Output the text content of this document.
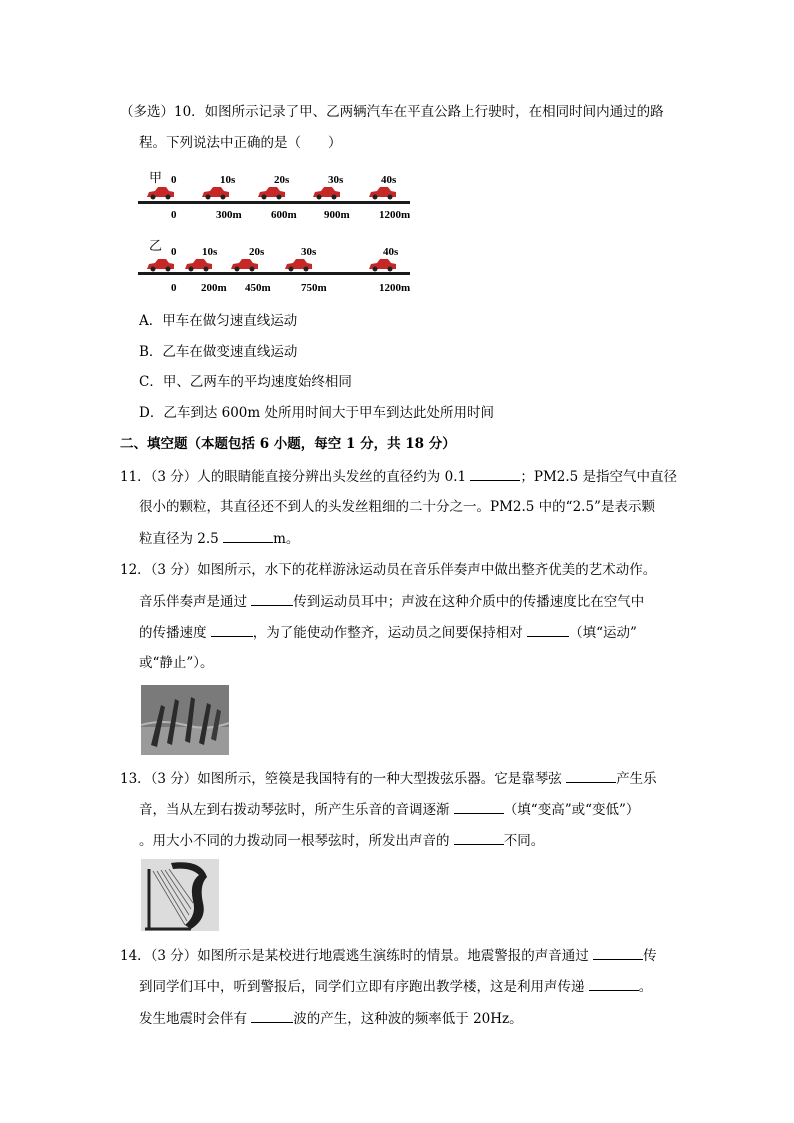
（多选）10．如图所示记录了甲、乙两辆汽车在平直公路上行驶时，在相同时间内通过的路
程。下列说法中正确的是（　　）
甲 0	10s	20s	30s	40s
0	300m	600m 900m	1200m
乙 0 10s	20s	30s	40s
0 200m 450m	750m	1200m
A．甲车在做匀速直线运动
B．乙车在做变速直线运动
C．甲、乙两车的平均速度始终相同
D．乙车到达 600m 处所用时间大于甲车到达此处所用时间
二、填空题（本题包括 6 小题，每空 1 分，共 18 分）
11．（3 分）人的眼睛能直接分辨出头发丝的直径约为 0.1	；PM2.5 是指空气中直径
很小的颗粒，其直径还不到人的头发丝粗细的二十分之一。PM2.5 中的“2.5”是表示颗
粒直径为 2.5	m。
12．（3 分）如图所示，水下的花样游泳运动员在音乐伴奏声中做出整齐优美的艺术动作。
音乐伴奏声是通过	传到运动员耳中；声波在这种介质中的传播速度比在空气中
的传播速度	，为了能使动作整齐，运动员之间要保持相对	（填“运动”
或“静止”）。
13．（3 分）如图所示，箜篌是我国特有的一种大型拨弦乐器。它是靠琴弦	产生乐
音，当从左到右拨动琴弦时，所产生乐音的音调逐渐	（填“变高”或“变低”）
。用大小不同的力拨动同一根琴弦时，所发出声音的	不同。
14．（3 分）如图所示是某校进行地震逃生演练时的情景。地震警报的声音通过	传
到同学们耳中，听到警报后，同学们立即有序跑出教学楼，这是利用声传递	。
发生地震时会伴有	波的产生，这种波的频率低于 20Hz。
